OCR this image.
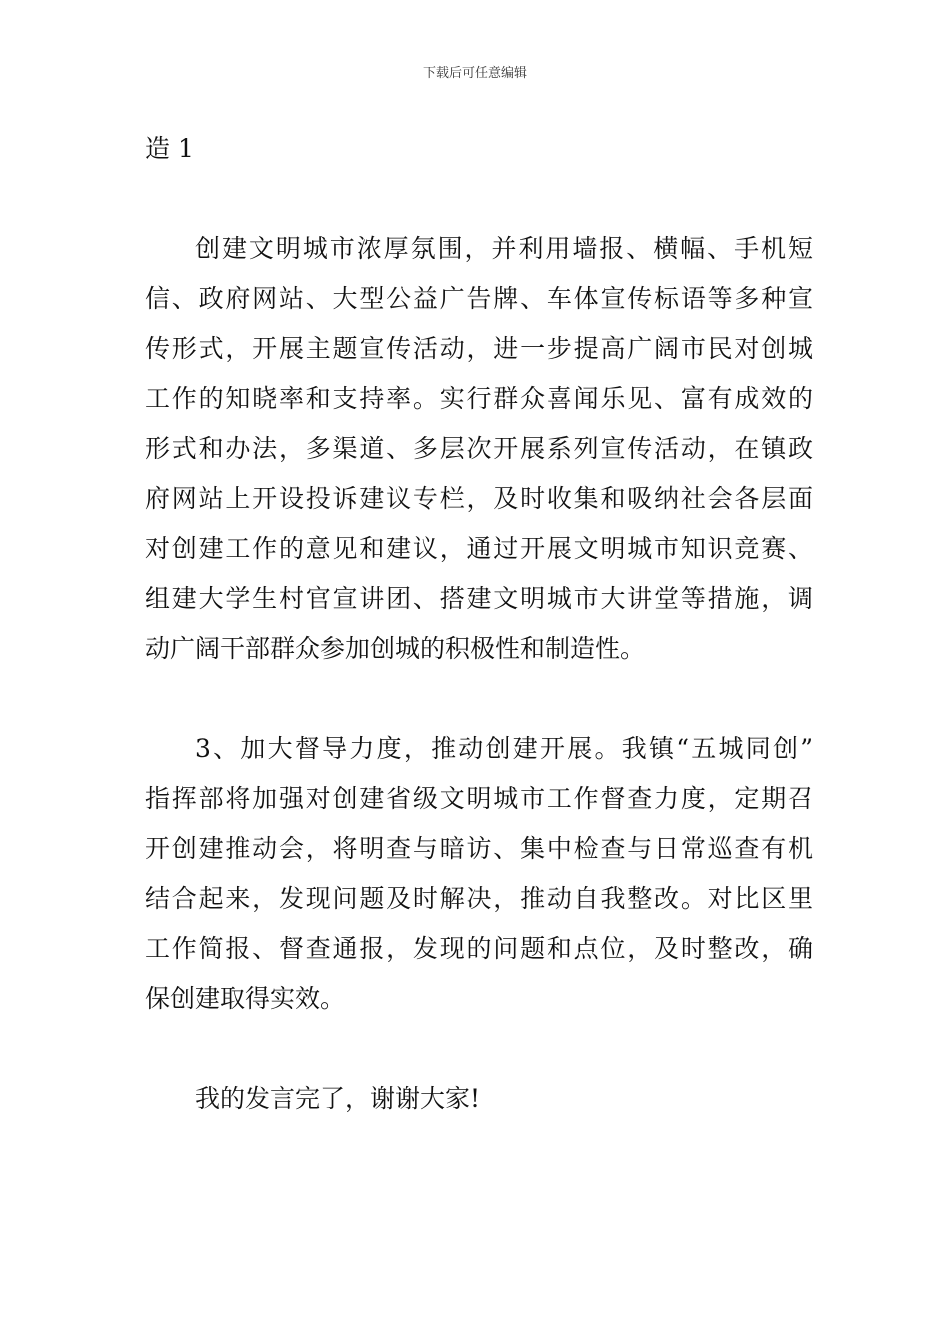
下载后可任意编辑
造 1
创建文明城市浓厚氛围，并利用墙报、横幅、手机短
信、政府网站、大型公益广告牌、车体宣传标语等多种宣
传形式，开展主题宣传活动，进一步提高广阔市民对创城
工作的知晓率和支持率。实行群众喜闻乐见、富有成效的
形式和办法，多渠道、多层次开展系列宣传活动，在镇政
府网站上开设投诉建议专栏，及时收集和吸纳社会各层面
对创建工作的意见和建议，通过开展文明城市知识竞赛、
组建大学生村官宣讲团、搭建文明城市大讲堂等措施，调
动广阔干部群众参加创城的积极性和制造性。
3、加大督导力度，推动创建开展。我镇“五城同创”
指挥部将加强对创建省级文明城市工作督查力度，定期召
开创建推动会，将明查与暗访、集中检查与日常巡查有机
结合起来，发现问题及时解决，推动自我整改。对比区里
工作简报、督查通报，发现的问题和点位，及时整改，确
保创建取得实效。
我的发言完了，谢谢大家!
